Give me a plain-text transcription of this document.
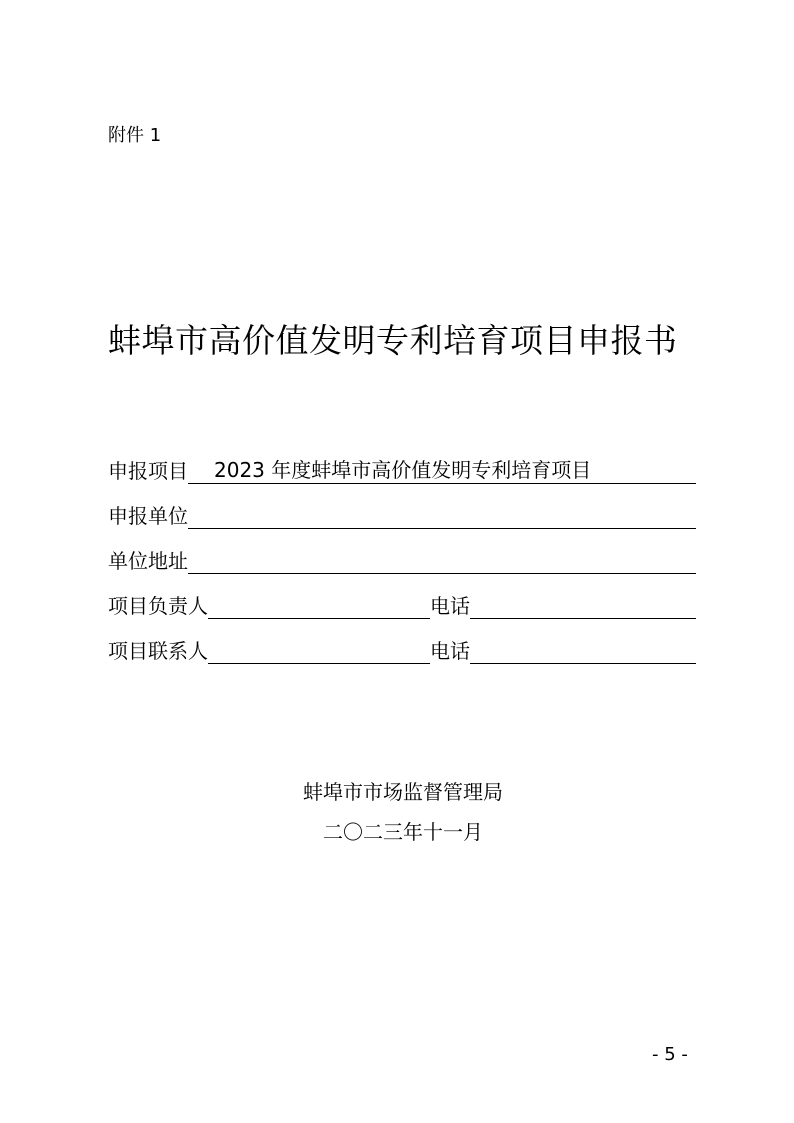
附件 1
蚌埠市高价值发明专利培育项目申报书
申报项目	2023 年度蚌埠市高价值发明专利培育项目
申报单位
单位地址
项目负责人	电话
项目联系人	电话
蚌埠市市场监督管理局
二〇二三年十一月
- 5 -
